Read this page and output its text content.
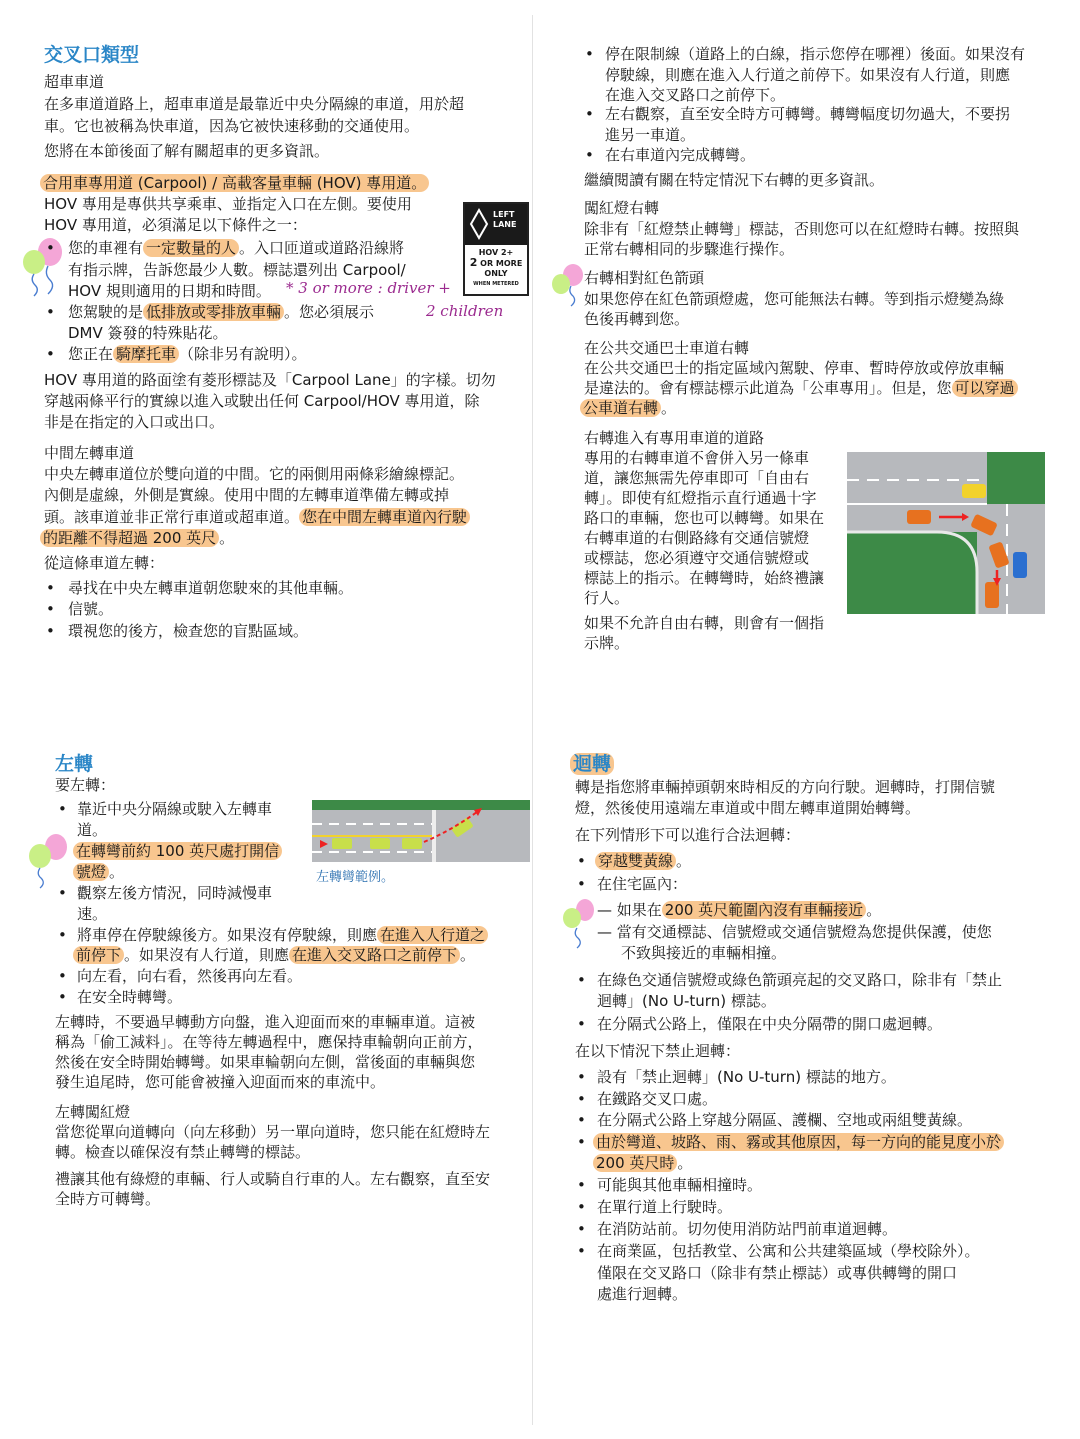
交叉口類型
超車車道
在多車道道路上，超車車道是最靠近中央分隔線的車道，用於超
車。它也被稱為快車道，因為它被快速移動的交通使用。
您將在本節後面了解有關超車的更多資訊。
合用車專用道 (Carpool) / 高載客量車輛 (HOV) 專用道。
HOV 專用是專供共享乘車、並指定入口在左側。要使用
HOV 專用道，必須滿足以下條件之一：
LEFT
LANE
HOV 2+
2 OR MORE
ONLY
WHEN METERED
• 您的車裡有 一定數量的人 。入口匝道或道路沿線將
有指示牌，告訴您最少人數。標誌還列出 Carpool/
HOV 規則適用的日期和時間。 * 3 or more : driver +
• 您駕駛的是 低排放或零排放車輛 。您必須展示	2 children
DMV 簽發的特殊貼花。
• 您正在 騎摩托車 （除非另有說明）。
HOV 專用道的路面塗有菱形標誌及「Carpool Lane」的字樣。切勿
穿越兩條平行的實線以進入或駛出任何 Carpool/HOV 專用道，除
非是在指定的入口或出口。
中間左轉車道
中央左轉車道位於雙向道的中間。它的兩側用兩條彩繪線標記。
內側是虛線，外側是實線。使用中間的左轉車道準備左轉或掉
頭。該車道並非正常行車道或超車道。 您在中間左轉車道內行駛
的距離不得超過 200 英尺 。
從這條車道左轉：
• 尋找在中央左轉車道朝您駛來的其他車輛。
• 信號。
• 環視您的後方，檢查您的盲點區域。
• 停在限制線（道路上的白線，指示您停在哪裡）後面。如果沒有
停駛線，則應在進入人行道之前停下。如果沒有人行道，則應
在進入交叉路口之前停下。
• 左右觀察，直至安全時方可轉彎。轉彎幅度切勿過大，不要拐
進另一車道。
• 在右車道內完成轉彎。
繼續閱讀有關在特定情況下右轉的更多資訊。
闖紅燈右轉
除非有「紅燈禁止轉彎」標誌，否則您可以在紅燈時右轉。按照與
正常右轉相同的步驟進行操作。
右轉相對紅色箭頭
如果您停在紅色箭頭燈處，您可能無法右轉。等到指示燈變為綠
色後再轉到您。
在公共交通巴士車道右轉
在公共交通巴士的指定區域內駕駛、停車、暫時停放或停放車輛
是違法的。會有標誌標示此道為「公車專用」。但是，您 可以穿過
公車道右轉 。
右轉進入有專用車道的道路
專用的右轉車道不會併入另一條車
道，讓您無需先停車即可「自由右
轉」。即使有紅燈指示直行通過十字
路口的車輛，您也可以轉彎。如果在
右轉車道的右側路緣有交通信號燈
或標誌，您必須遵守交通信號燈或
標誌上的指示。在轉彎時，始終禮讓
行人。
如果不允許自由右轉，則會有一個指
示牌。
左轉
要左轉：
• 靠近中央分隔線或駛入左轉車
道。
在轉彎前約 100 英尺處打開信
號燈 。
• 觀察左後方情況，同時減慢車
速。
左轉彎範例。
• 將車停在停駛線後方。如果沒有停駛線，則應 在進入人行道之
前停下 。如果沒有人行道，則應 在進入交叉路口之前停下 。
• 向左看，向右看，然後再向左看。
• 在安全時轉彎。
左轉時，不要過早轉動方向盤，進入迎面而來的車輛車道。這被
稱為「偷工減料」。在等待左轉過程中，應保持車輪朝向正前方，
然後在安全時開始轉彎。如果車輪朝向左側，當後面的車輛與您
發生追尾時，您可能會被撞入迎面而來的車流中。
左轉闖紅燈
當您從單向道轉向（向左移動）另一單向道時，您只能在紅燈時左
轉。檢查以確保沒有禁止轉彎的標誌。
禮讓其他有綠燈的車輛、行人或騎自行車的人。左右觀察，直至安
全時方可轉彎。
迴轉
轉是指您將車輛掉頭朝來時相反的方向行駛。迴轉時，打開信號
燈，然後使用遠端左車道或中間左轉車道開始轉彎。
在下列情形下可以進行合法迴轉：
• 穿越雙黃線 。
• 在住宅區內：
— 如果在 200 英尺範圍內沒有車輛接近 。
— 當有交通標誌、信號燈或交通信號燈為您提供保護，使您
不致與接近的車輛相撞。
• 在綠色交通信號燈或綠色箭頭亮起的交叉路口，除非有「禁止
迴轉」(No U-turn) 標誌。
• 在分隔式公路上，僅限在中央分隔帶的開口處迴轉。
在以下情況下禁止迴轉：
• 設有「禁止迴轉」(No U-turn) 標誌的地方。
• 在鐵路交叉口處。
• 在分隔式公路上穿越分隔區、護欄、空地或兩組雙黃線。
• 由於彎道、坡路、雨、霧或其他原因，每一方向的能見度小於
200 英尺時 。
• 可能與其他車輛相撞時。
• 在單行道上行駛時。
• 在消防站前。切勿使用消防站門前車道迴轉。
• 在商業區，包括教堂、公寓和公共建築區域（學校除外）。
僅限在交叉路口（除非有禁止標誌）或專供轉彎的開口
處進行迴轉。
